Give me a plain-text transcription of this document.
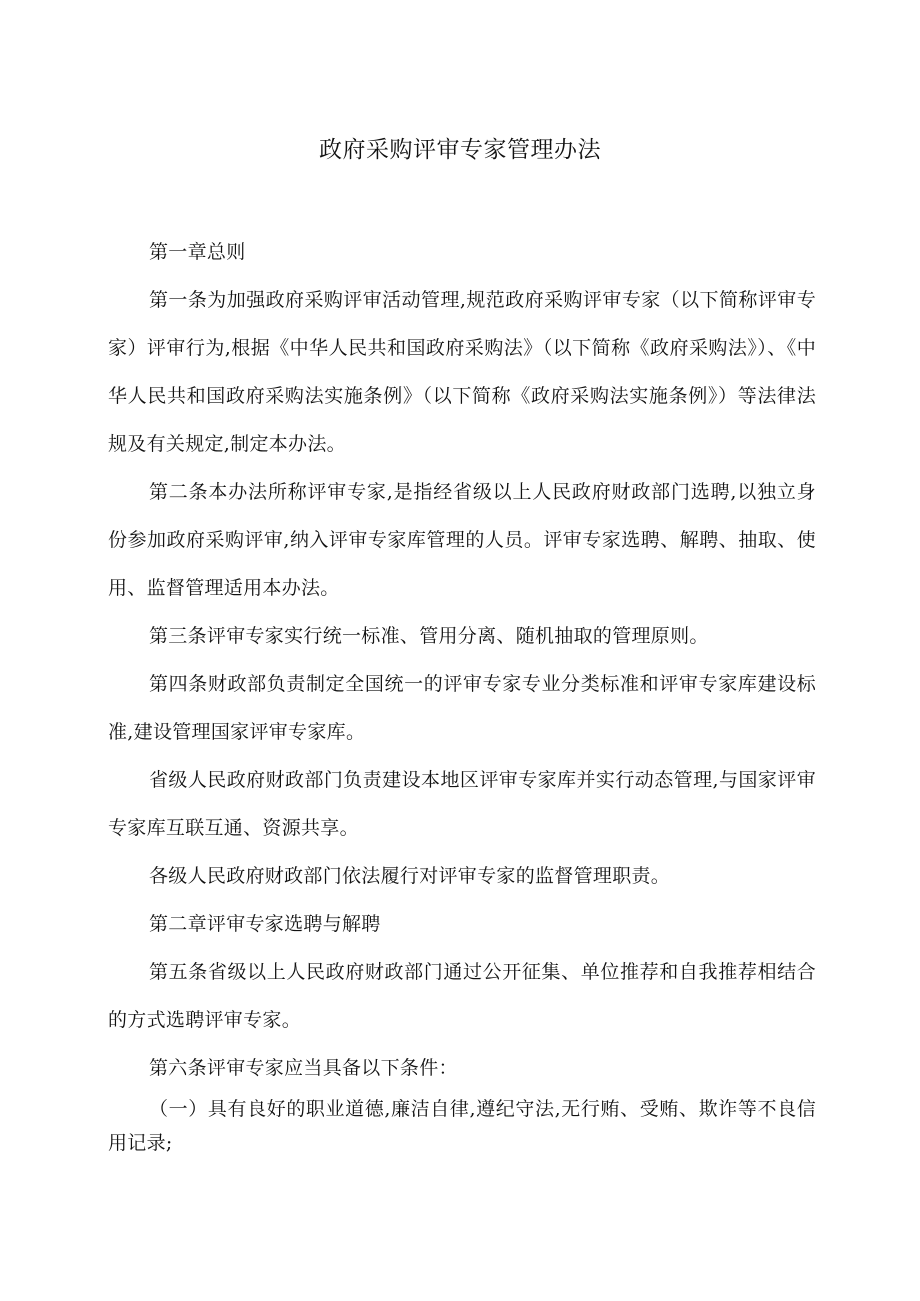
政府采购评审专家管理办法

第一章总则

第一条为加强政府采购评审活动管理,规范政府采购评审专家（以下简称评审专家）评审行为,根据《中华人民共和国政府采购法》（以下简称《政府采购法》）、《中华人民共和国政府采购法实施条例》（以下简称《政府采购法实施条例》）等法律法规及有关规定,制定本办法。

第二条本办法所称评审专家,是指经省级以上人民政府财政部门选聘,以独立身份参加政府采购评审,纳入评审专家库管理的人员。评审专家选聘、解聘、抽取、使用、监督管理适用本办法。

第三条评审专家实行统一标准、管用分离、随机抽取的管理原则。

第四条财政部负责制定全国统一的评审专家专业分类标准和评审专家库建设标准,建设管理国家评审专家库。

省级人民政府财政部门负责建设本地区评审专家库并实行动态管理,与国家评审专家库互联互通、资源共享。

各级人民政府财政部门依法履行对评审专家的监督管理职责。

第二章评审专家选聘与解聘

第五条省级以上人民政府财政部门通过公开征集、单位推荐和自我推荐相结合的方式选聘评审专家。

第六条评审专家应当具备以下条件：

（一）具有良好的职业道德,廉洁自律,遵纪守法,无行贿、受贿、欺诈等不良信用记录;
